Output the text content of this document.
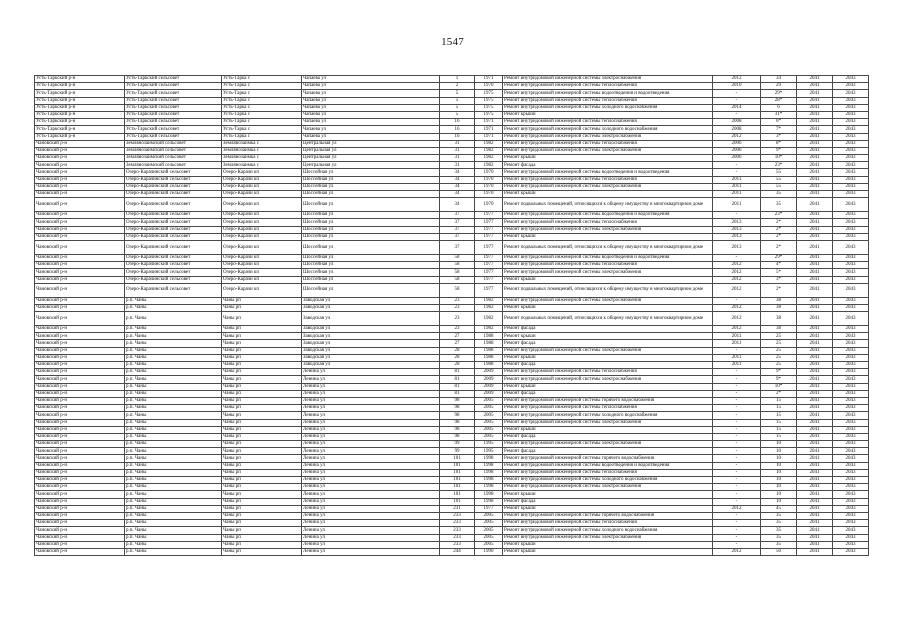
1547
Усть-Таркский р-н	Усть-Таркский сельсовет	Усть-Тарка с	Чапаева ул	1	1971	Ремонт внутридомовой инженерной системы электроснабжения	2012	34	2041	2043
Усть-Таркский р-н	Усть-Таркский сельсовет	Усть-Тарка с	Чапаева ул	2	1970	Ремонт внутридомовой инженерной системы теплоснабжения	2010	29	2041	2043
Усть-Таркский р-н	Усть-Таркский сельсовет	Усть-Тарка с	Чапаева ул	5	1975	Ремонт внутридомовой инженерной системы водоотведения и водоотведения	-	29*	2041	2043
Усть-Таркский р-н	Усть-Таркский сельсовет	Усть-Тарка с	Чапаева ул	5	1975	Ремонт внутридомовой инженерной системы теплоснабжения	-	28*	2041	2043
Усть-Таркский р-н	Усть-Таркский сельсовет	Усть-Тарка с	Чапаева ул	5	1975	Ремонт внутридомовой инженерной системы холодного водоснабжения	2014	6	2041	2043
Усть-Таркский р-н	Усть-Таркский сельсовет	Усть-Тарка с	Чапаева ул	5	1975	Ремонт крыши	-	31*	2041	2043
Усть-Таркский р-н	Усть-Таркский сельсовет	Усть-Тарка с	Чапаева ул	16	1971	Ремонт внутридомовой инженерной системы теплоснабжения	2008	6*	2041	2043
Усть-Таркский р-н	Усть-Таркский сельсовет	Усть-Тарка с	Чапаева ул	16	1971	Ремонт внутридомовой инженерной системы холодного водоснабжения	2008	7*	2041	2043
Усть-Таркский р-н	Усть-Таркский сельсовет	Усть-Тарка с	Чапаева ул	16	1971	Ремонт внутридомовой инженерной системы электроснабжения	2012	3*	2041	2043
Чановский р-н	Землянозаимский сельсовет	Землянозаимка с	Центральная ул	31	1982	Ремонт внутридомовой инженерной системы теплоснабжения	2006	8*	2041	2043
Чановский р-н	Землянозаимский сельсовет	Землянозаимка с	Центральная ул	31	1982	Ремонт внутридомовой инженерной системы электроснабжения	2006	9*	2041	2043
Чановский р-н	Землянозаимский сельсовет	Землянозаимка с	Центральная ул	31	1982	Ремонт крыши	2006	10*	2041	2043
Чановский р-н	Землянозаимский сельсовет	Землянозаимка с	Центральная ул	31	1982	Ремонт фасада	-	23*	2041	2043
Чановский р-н	Озеро-Карачинский сельсовет	Озеро-Карачи кп	Шоссейная ул	34	1970	Ремонт внутридомовой инженерной системы водоотведения и водоотведения	-	55	2041	2043
Чановский р-н	Озеро-Карачинский сельсовет	Озеро-Карачи кп	Шоссейная ул	34	1970	Ремонт внутридомовой инженерной системы теплоснабжения	2011	55	2041	2043
Чановский р-н	Озеро-Карачинский сельсовет	Озеро-Карачи кп	Шоссейная ул	34	1970	Ремонт внутридомовой инженерной системы электроснабжения	2011	55	2041	2043
Чановский р-н	Озеро-Карачинский сельсовет	Озеро-Карачи кп	Шоссейная ул	34	1970	Ремонт крыши	2011	35	2041	2043
Чановский р-н	Озеро-Карачинский сельсовет	Озеро-Карачи кп	Шоссейная ул	34	1970	Ремонт подвальных помещений, относящихся к общему имуществу в многоквартирном доме	2011	35	2041	2043
Чановский р-н	Озеро-Карачинский сельсовет	Озеро-Карачи кп	Шоссейная ул	37	1977	Ремонт внутридомовой инженерной системы водоотведения и водоотведения	-	23*	2041	2043
Чановский р-н	Озеро-Карачинский сельсовет	Озеро-Карачи кп	Шоссейная ул	37	1977	Ремонт внутридомовой инженерной системы теплоснабжения	2013	2*	2041	2043
Чановский р-н	Озеро-Карачинский сельсовет	Озеро-Карачи кп	Шоссейная ул	37	1977	Ремонт внутридомовой инженерной системы электроснабжения	2013	2*	2041	2043
Чановский р-н	Озеро-Карачинский сельсовет	Озеро-Карачи кп	Шоссейная ул	37	1977	Ремонт крыши	2013	2*	2041	2043
Чановский р-н	Озеро-Карачинский сельсовет	Озеро-Карачи кп	Шоссейная ул	37	1977	Ремонт подвальных помещений, относящихся к общему имуществу в многоквартирном доме	2013	2*	2041	2043
Чановский р-н	Озеро-Карачинский сельсовет	Озеро-Карачи кп	Шоссейная ул	58	1977	Ремонт внутридомовой инженерной системы водоотведения и водоотведения	-	29*	2041	2043
Чановский р-н	Озеро-Карачинский сельсовет	Озеро-Карачи кп	Шоссейная ул	58	1977	Ремонт внутридомовой инженерной системы теплоснабжения	2012	4*	2041	2043
Чановский р-н	Озеро-Карачинский сельсовет	Озеро-Карачи кп	Шоссейная ул	58	1977	Ремонт внутридомовой инженерной системы электроснабжения	2012	5*	2041	2043
Чановский р-н	Озеро-Карачинский сельсовет	Озеро-Карачи кп	Шоссейная ул	58	1977	Ремонт крыши	2012	3*	2041	2043
Чановский р-н	Озеро-Карачинский сельсовет	Озеро-Карачи кп	Шоссейная ул	58	1977	Ремонт подвальных помещений, относящихся к общему имуществу в многоквартирном доме	2012	2*	2041	2043
Чановский р-н	р.п. Чаны	Чаны рп	Заводская ул	23	1982	Ремонт внутридомовой инженерной системы электроснабжения	-	38	2041	2043
Чановский р-н	р.п. Чаны	Чаны рп	Заводская ул	23	1982	Ремонт крыши	2012	38	2041	2043
Чановский р-н	р.п. Чаны	Чаны рп	Заводская ул	23	1982	Ремонт подвальных помещений, относящихся к общему имуществу в многоквартирном доме	2012	38	2041	2043
Чановский р-н	р.п. Чаны	Чаны рп	Заводская ул	23	1982	Ремонт фасада	2012	38	2041	2043
Чановский р-н	р.п. Чаны	Чаны рп	Заводская ул	27	1988	Ремонт крыши	2011	25	2041	2043
Чановский р-н	р.п. Чаны	Чаны рп	Заводская ул	27	1988	Ремонт фасада	2011	25	2041	2043
Чановский р-н	р.п. Чаны	Чаны рп	Заводская ул	28	1988	Ремонт внутридомовой инженерной системы электроснабжения	-	25	2041	2043
Чановский р-н	р.п. Чаны	Чаны рп	Заводская ул	28	1988	Ремонт крыши	2011	25	2041	2043
Чановский р-н	р.п. Чаны	Чаны рп	Заводская ул	28	1988	Ремонт фасада	2011	25	2041	2043
Чановский р-н	р.п. Чаны	Чаны рп	Ленина ул	81	2009	Ремонт внутридомовой инженерной системы теплоснабжения	-	9*	2041	2043
Чановский р-н	р.п. Чаны	Чаны рп	Ленина ул	81	2009	Ремонт внутридомовой инженерной системы электроснабжения	-	9*	2041	2043
Чановский р-н	р.п. Чаны	Чаны рп	Ленина ул	81	2009	Ремонт крыши	-	10*	2041	2043
Чановский р-н	р.п. Чаны	Чаны рп	Ленина ул	81	2009	Ремонт фасада	-	2*	2041	2043
Чановский р-н	р.п. Чаны	Чаны рп	Ленина ул	98	2005	Ремонт внутридомовой инженерной системы горячего водоснабжения	-	15	2041	2043
Чановский р-н	р.п. Чаны	Чаны рп	Ленина ул	98	2005	Ремонт внутридомовой инженерной системы теплоснабжения	-	15	2041	2043
Чановский р-н	р.п. Чаны	Чаны рп	Ленина ул	98	2005	Ремонт внутридомовой инженерной системы холодного водоснабжения	-	15	2041	2043
Чановский р-н	р.п. Чаны	Чаны рп	Ленина ул	98	2005	Ремонт внутридомовой инженерной системы электроснабжения	-	15	2041	2043
Чановский р-н	р.п. Чаны	Чаны рп	Ленина ул	98	2005	Ремонт крыши	-	15	2041	2043
Чановский р-н	р.п. Чаны	Чаны рп	Ленина ул	98	2005	Ремонт фасада	-	15	2041	2043
Чановский р-н	р.п. Чаны	Чаны рп	Ленина ул	99	1995	Ремонт внутридомовой инженерной системы электроснабжения	-	10	2041	2043
Чановский р-н	р.п. Чаны	Чаны рп	Ленина ул	99	1995	Ремонт фасада	-	10	2041	2043
Чановский р-н	р.п. Чаны	Чаны рп	Ленина ул	101	1998	Ремонт внутридомовой инженерной системы горячего водоснабжения	-	10	2041	2043
Чановский р-н	р.п. Чаны	Чаны рп	Ленина ул	101	1998	Ремонт внутридомовой инженерной системы водоотведения и водоотведения	-	10	2041	2043
Чановский р-н	р.п. Чаны	Чаны рп	Ленина ул	101	1998	Ремонт внутридомовой инженерной системы теплоснабжения	-	10	2041	2043
Чановский р-н	р.п. Чаны	Чаны рп	Ленина ул	101	1998	Ремонт внутридомовой инженерной системы холодного водоснабжения	-	10	2041	2043
Чановский р-н	р.п. Чаны	Чаны рп	Ленина ул	101	1998	Ремонт внутридомовой инженерной системы электроснабжения	-	10	2041	2043
Чановский р-н	р.п. Чаны	Чаны рп	Ленина ул	101	1998	Ремонт крыши	-	10	2041	2043
Чановский р-н	р.п. Чаны	Чаны рп	Ленина ул	101	1998	Ремонт фасада	-	10	2041	2043
Чановский р-н	р.п. Чаны	Чаны рп	Ленина ул	231	1977	Ремонт крыши	2012	45	2041	2043
Чановский р-н	р.п. Чаны	Чаны рп	Ленина ул	233	2005	Ремонт внутридомовой инженерной системы горячего водоснабжения	-	35	2041	2043
Чановский р-н	р.п. Чаны	Чаны рп	Ленина ул	233	2005	Ремонт внутридомовой инженерной системы теплоснабжения	-	35	2041	2043
Чановский р-н	р.п. Чаны	Чаны рп	Ленина ул	233	2005	Ремонт внутридомовой инженерной системы холодного водоснабжения	-	35	2041	2043
Чановский р-н	р.п. Чаны	Чаны рп	Ленина ул	233	2005	Ремонт внутридомовой инженерной системы электроснабжения	-	35	2041	2043
Чановский р-н	р.п. Чаны	Чаны рп	Ленина ул	233	2005	Ремонт крыши	-	35	2041	2043
Чановский р-н	р.п. Чаны	Чаны рп	Ленина ул	244	1990	Ремонт крыши	2012	50	2041	2043
